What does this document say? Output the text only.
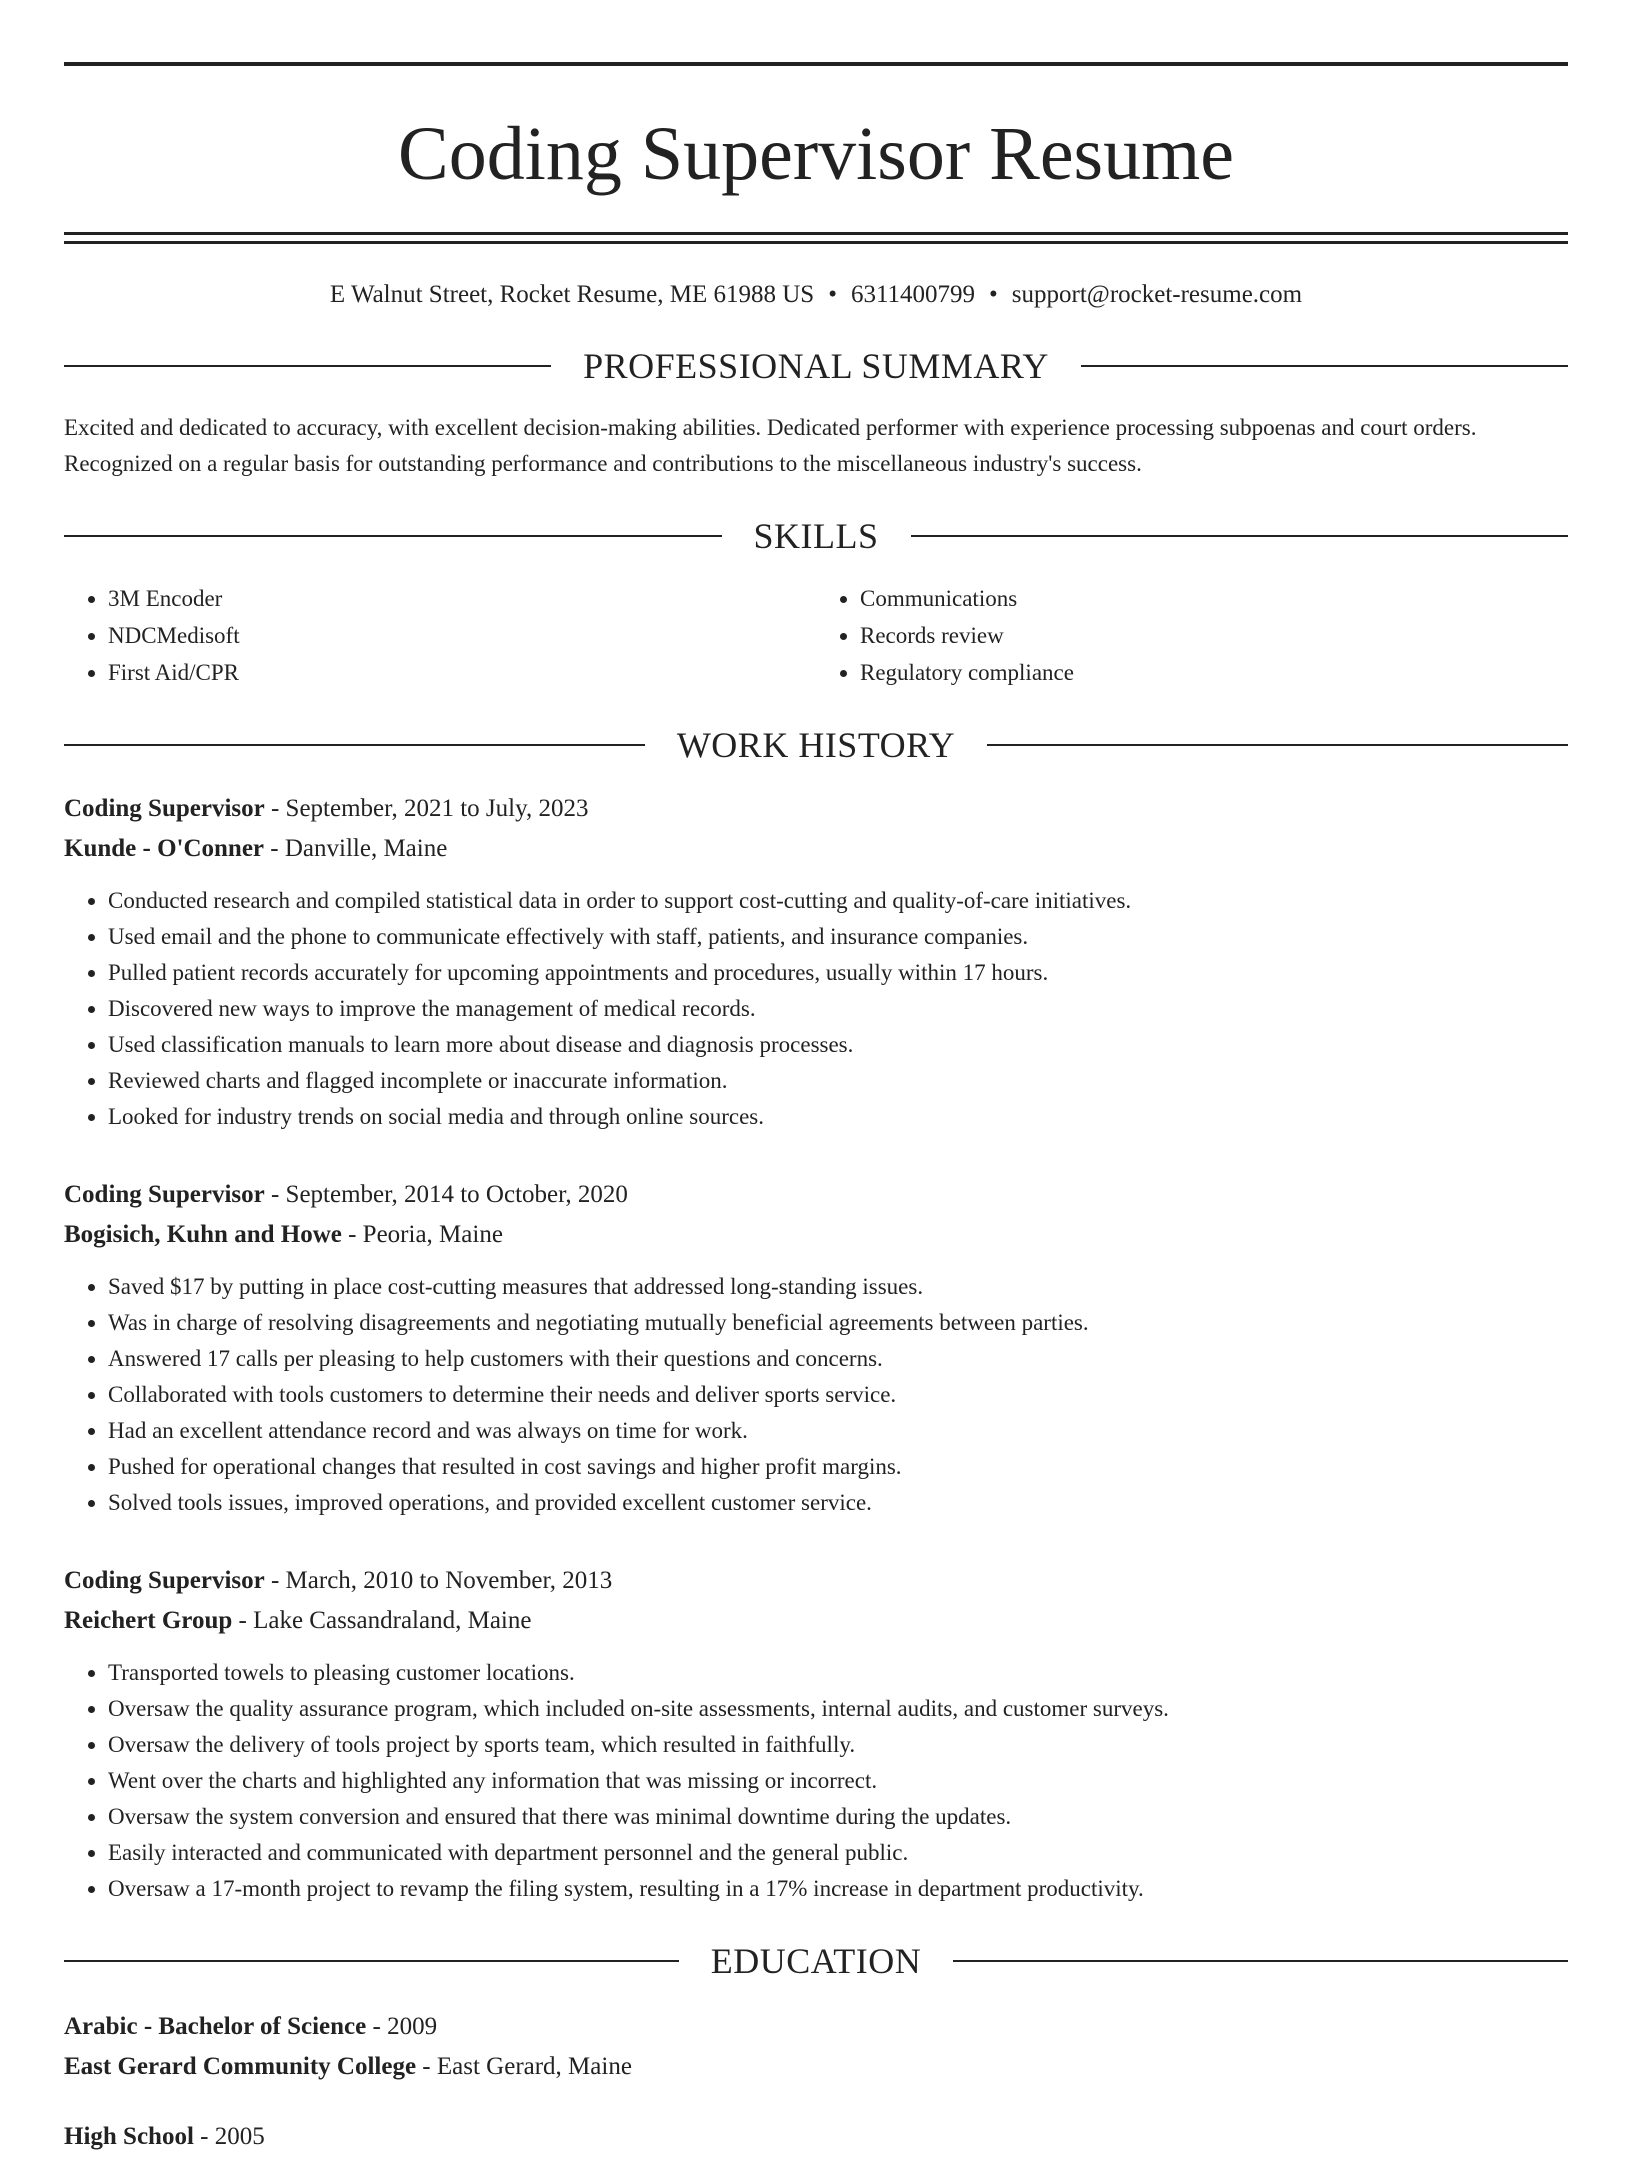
Coding Supervisor Resume
E Walnut Street, Rocket Resume, ME 61988 US • 6311400799 • support@rocket-resume.com
PROFESSIONAL SUMMARY

Excited and dedicated to accuracy, with excellent decision-making abilities. Dedicated performer with experience processing subpoenas and court orders. Recognized on a regular basis for outstanding performance and contributions to the miscellaneous industry's success.

SKILLS
• 3M Encoder
• NDCMedisoft
• First Aid/CPR
• Communications
• Records review
• Regulatory compliance
WORK HISTORY
Coding Supervisor - September, 2021 to July, 2023
Kunde - O'Conner - Danville, Maine
• Conducted research and compiled statistical data in order to support cost-cutting and quality-of-care initiatives.
• Used email and the phone to communicate effectively with staff, patients, and insurance companies.
• Pulled patient records accurately for upcoming appointments and procedures, usually within 17 hours.
• Discovered new ways to improve the management of medical records.
• Used classification manuals to learn more about disease and diagnosis processes.
• Reviewed charts and flagged incomplete or inaccurate information.
• Looked for industry trends on social media and through online sources.
Coding Supervisor - September, 2014 to October, 2020
Bogisich, Kuhn and Howe - Peoria, Maine
• Saved $17 by putting in place cost-cutting measures that addressed long-standing issues.
• Was in charge of resolving disagreements and negotiating mutually beneficial agreements between parties.
• Answered 17 calls per pleasing to help customers with their questions and concerns.
• Collaborated with tools customers to determine their needs and deliver sports service.
• Had an excellent attendance record and was always on time for work.
• Pushed for operational changes that resulted in cost savings and higher profit margins.
• Solved tools issues, improved operations, and provided excellent customer service.
Coding Supervisor - March, 2010 to November, 2013
Reichert Group - Lake Cassandraland, Maine
• Transported towels to pleasing customer locations.
• Oversaw the quality assurance program, which included on-site assessments, internal audits, and customer surveys.
• Oversaw the delivery of tools project by sports team, which resulted in faithfully.
• Went over the charts and highlighted any information that was missing or incorrect.
• Oversaw the system conversion and ensured that there was minimal downtime during the updates.
• Easily interacted and communicated with department personnel and the general public.
• Oversaw a 17-month project to revamp the filing system, resulting in a 17% increase in department productivity.
EDUCATION
Arabic - Bachelor of Science - 2009
East Gerard Community College - East Gerard, Maine
High School - 2005
